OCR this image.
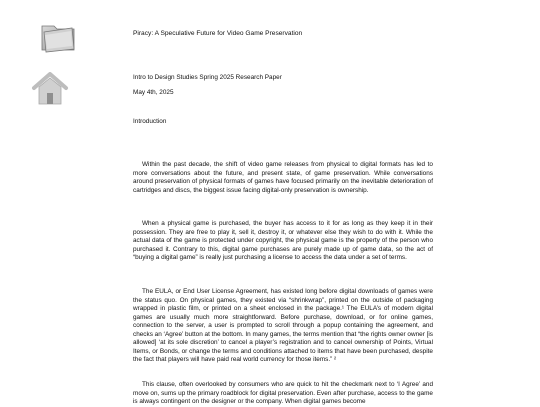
Piracy: A Speculative Future for Video Game Preservation
Intro to Design Studies Spring 2025 Research Paper
May 4th, 2025
Introduction

Within the past decade, the shift of video game releases from physical to digital formats has led to more conversations about the future, and present state, of game preservation. While conversations around preservation of physical formats of games have focused primarily on the inevitable deterioration of cartridges and discs, the biggest issue facing digital-only preservation is ownership.

When a physical game is purchased, the buyer has access to it for as long as they keep it in their possession. They are free to play it, sell it, destroy it, or whatever else they wish to do with it. While the actual data of the game is protected under copyright, the physical game is the property of the person who purchased it. Contrary to this, digital game purchases are purely made up of game data, so the act of “buying a digital game” is really just purchasing a license to access the data under a set of terms.

The EULA, or End User License Agreement, has existed long before digital downloads of games were the status quo. On physical games, they existed via “shrinkwrap”, printed on the outside of packaging wrapped in plastic film, or printed on a sheet enclosed in the package.¹ The EULA’s of modern digital games are usually much more straightforward. Before purchase, download, or for online games, connection to the server, a user is prompted to scroll through a popup containing the agreement, and checks an ‘Agree’ button at the bottom. In many games, the terms mention that “the rights owner owner [is allowed] ‘at its sole discretion’ to cancel a player’s registration and to cancel ownership of Points, Virtual Items, or Bonds, or change the terms and conditions attached to items that have been purchased, despite the fact that players will have paid real world currency for those items.” ²

This clause, often overlooked by consumers who are quick to hit the checkmark next to ‘I Agree’ and move on, sums up the primary roadblock for digital preservation. Even after purchase, access to the game is always contingent on the designer or the company. When digital games become
